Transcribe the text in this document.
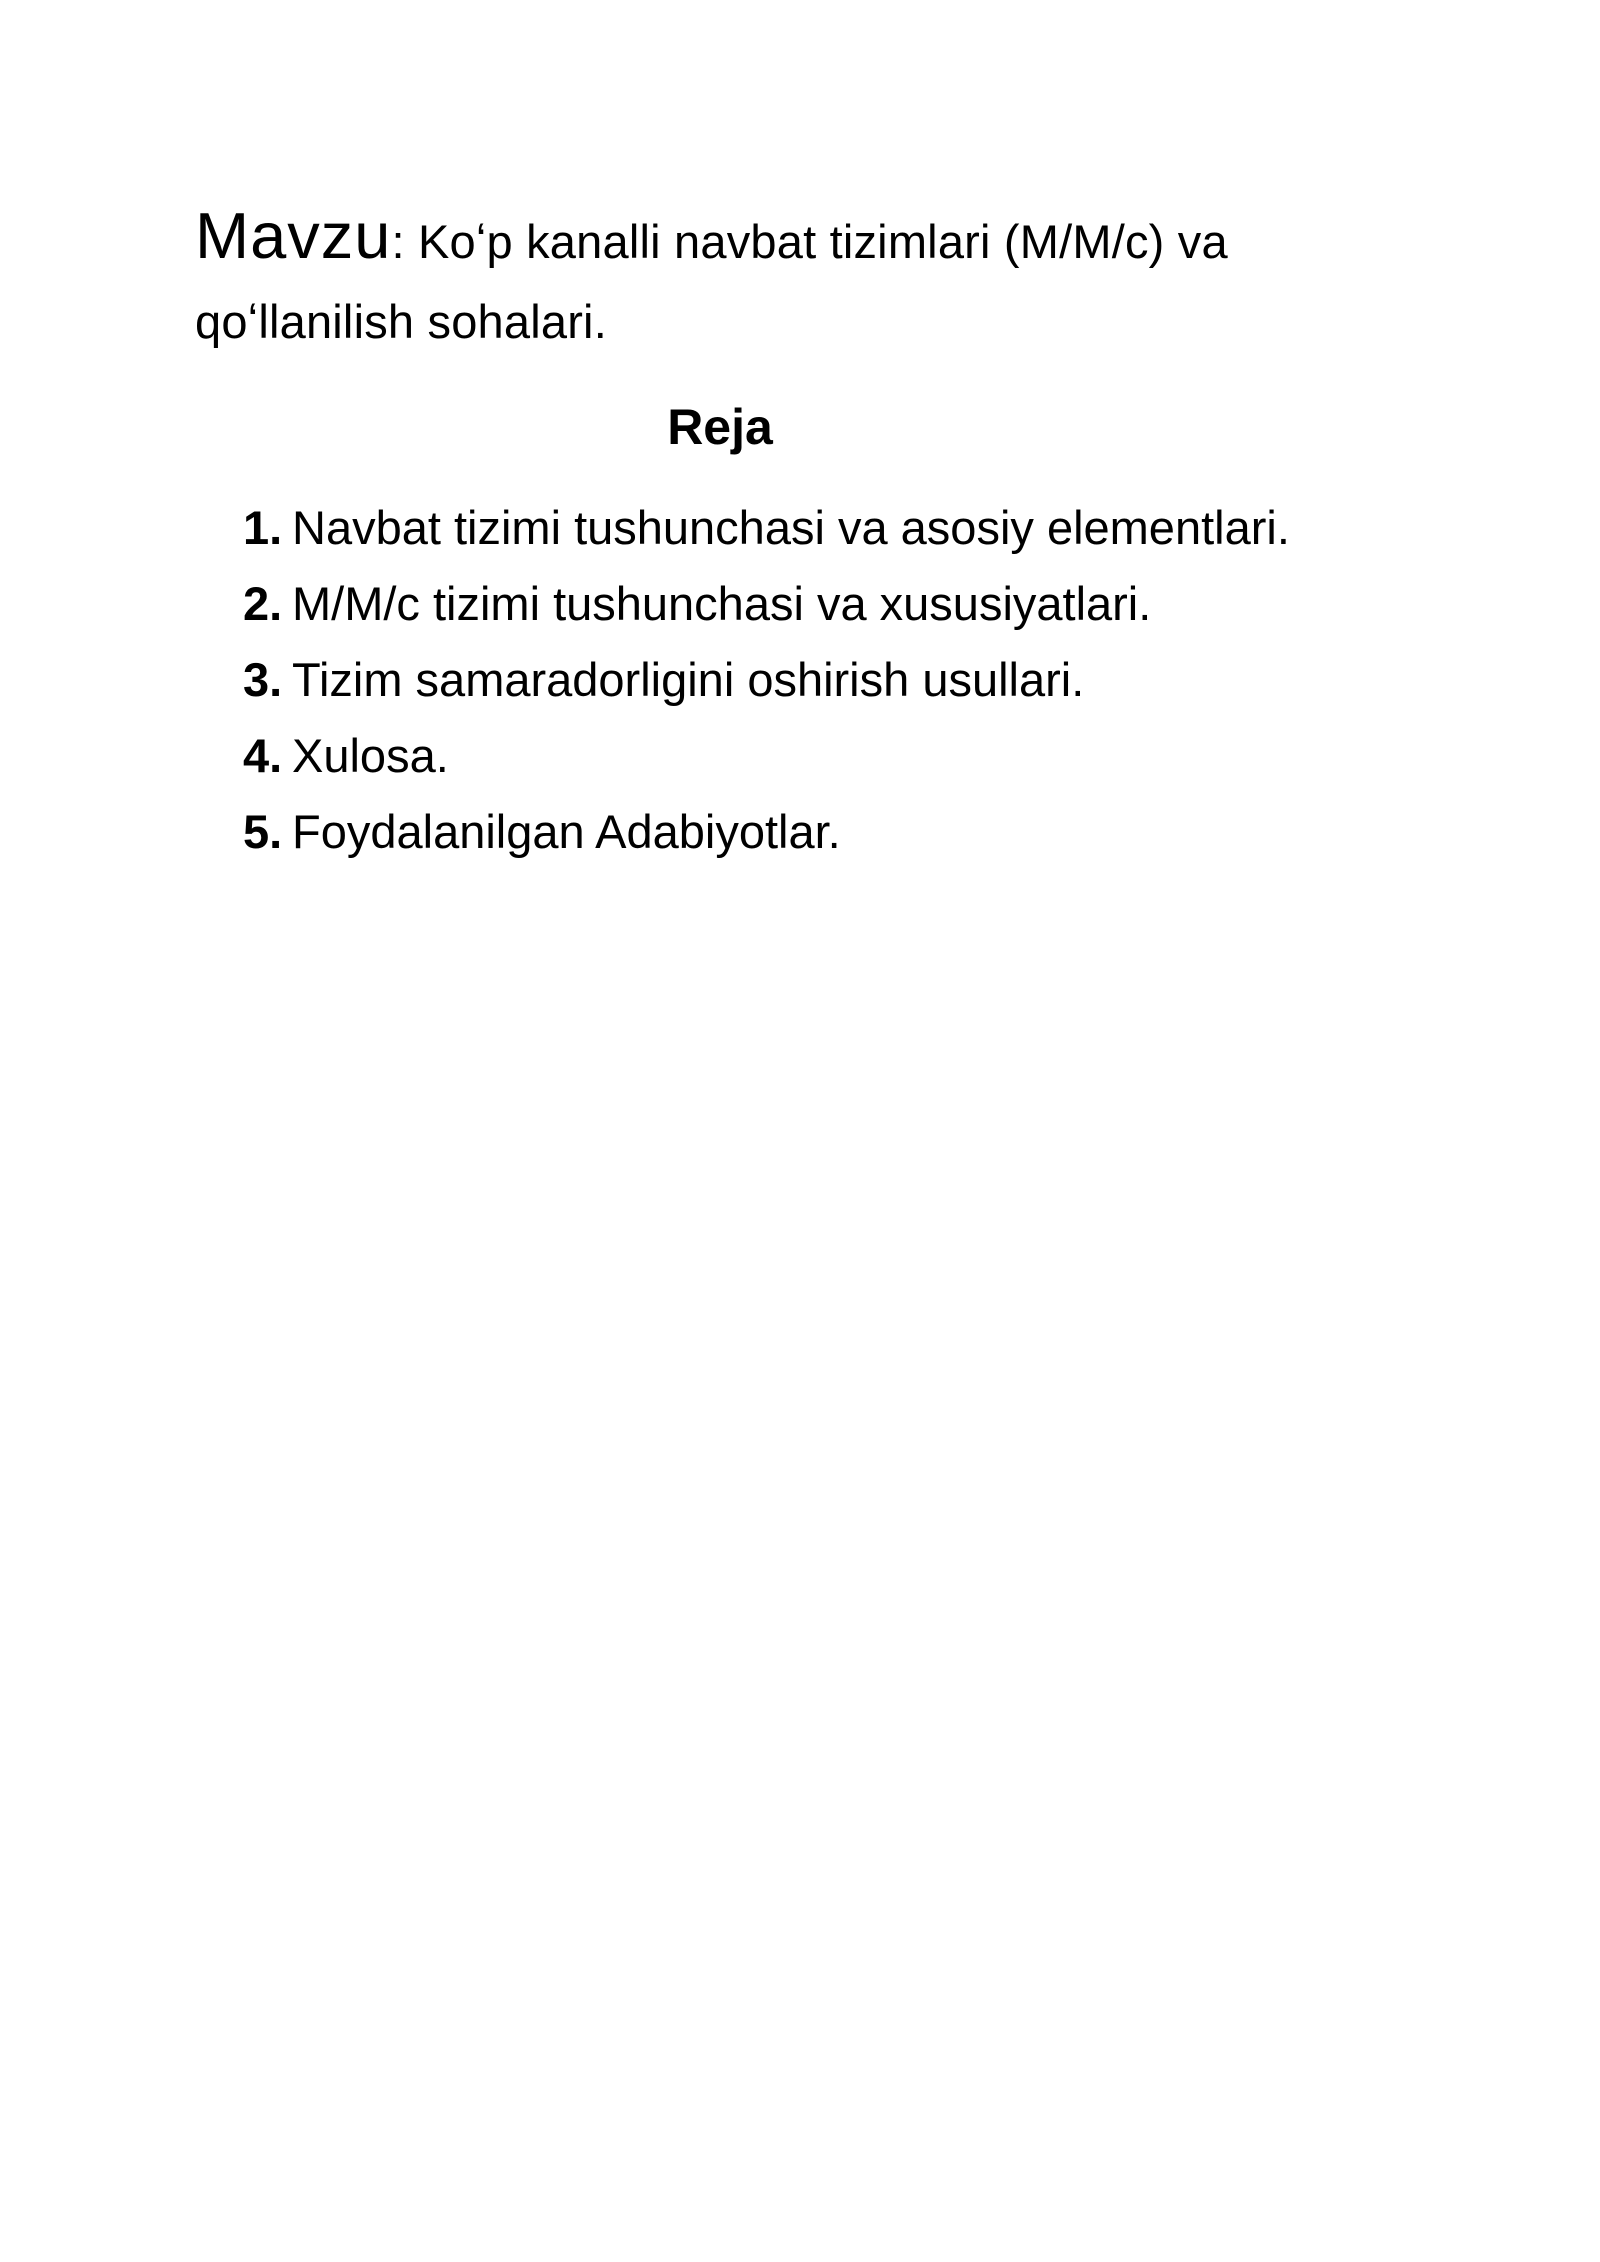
Mavzu: Koʻp kanalli navbat tizimlari (M/M/c) va qoʻllanilish sohalari.
Reja
1. Navbat tizimi tushunchasi va asosiy elementlari.
2. M/M/c tizimi tushunchasi va xususiyatlari.
3. Tizim samaradorligini oshirish usullari.
4. Xulosa.
5. Foydalanilgan Adabiyotlar.
